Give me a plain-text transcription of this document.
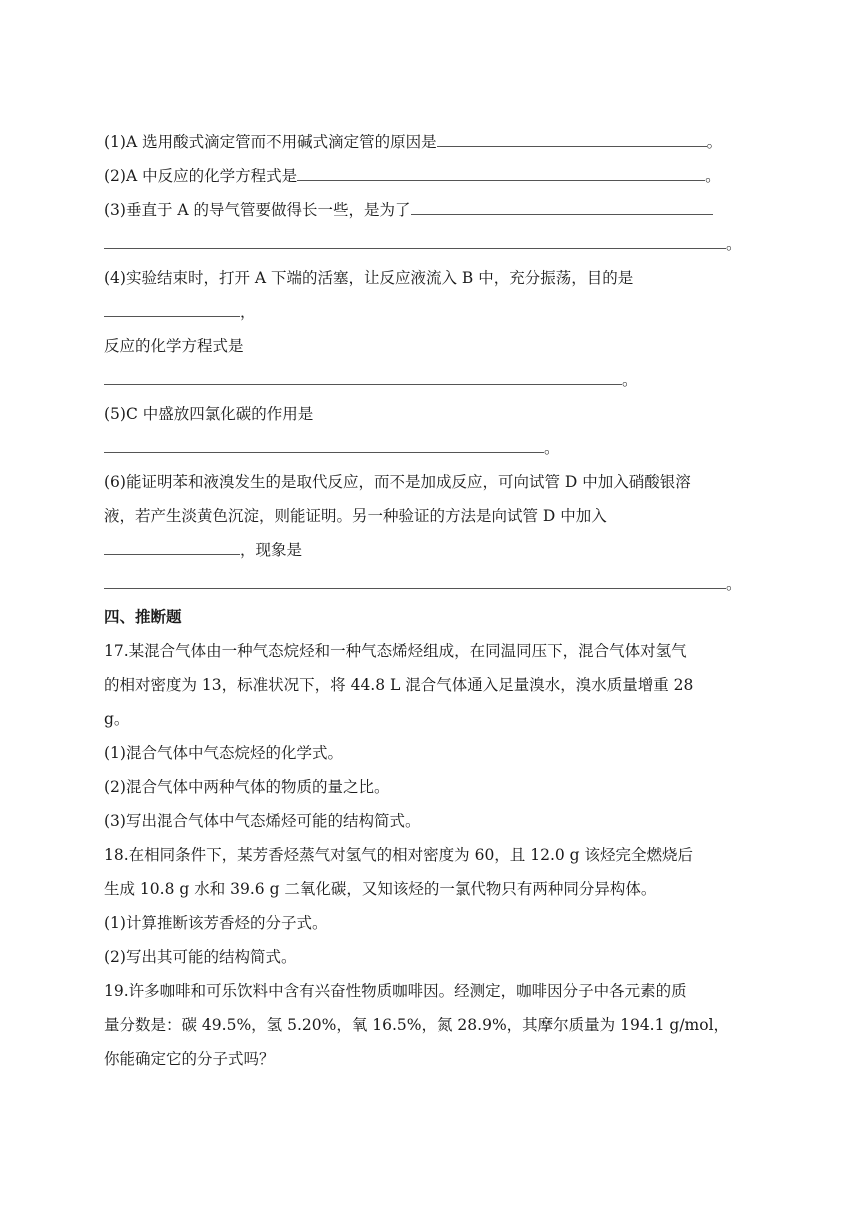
(1)A 选用酸式滴定管而不用碱式滴定管的原因是	。
(2)A 中反应的化学方程式是	。
(3)垂直于 A 的导气管要做得长一些，是为了
。
(4)实验结束时，打开 A 下端的活塞，让反应液流入 B 中，充分振荡，目的是
，
反应的化学方程式是
。
(5)C 中盛放四氯化碳的作用是
。
(6)能证明苯和液溴发生的是取代反应，而不是加成反应，可向试管 D 中加入硝酸银溶
液，若产生淡黄色沉淀，则能证明。另一种验证的方法是向试管 D 中加入
，现象是
。
四、推断题
17.某混合气体由一种气态烷烃和一种气态烯烃组成，在同温同压下，混合气体对氢气
的相对密度为 13，标准状况下，将 44.8 L 混合气体通入足量溴水，溴水质量增重 28
g。
(1)混合气体中气态烷烃的化学式。
(2)混合气体中两种气体的物质的量之比。
(3)写出混合气体中气态烯烃可能的结构简式。
18.在相同条件下，某芳香烃蒸气对氢气的相对密度为 60，且 12.0 g 该烃完全燃烧后
生成 10.8 g 水和 39.6 g 二氧化碳，又知该烃的一氯代物只有两种同分异构体。
(1)计算推断该芳香烃的分子式。
(2)写出其可能的结构简式。
19.许多咖啡和可乐饮料中含有兴奋性物质咖啡因。经测定，咖啡因分子中各元素的质
量分数是：碳 49.5%，氢 5.20%，氧 16.5%，氮 28.9%，其摩尔质量为 194.1 g/mol，
你能确定它的分子式吗？
